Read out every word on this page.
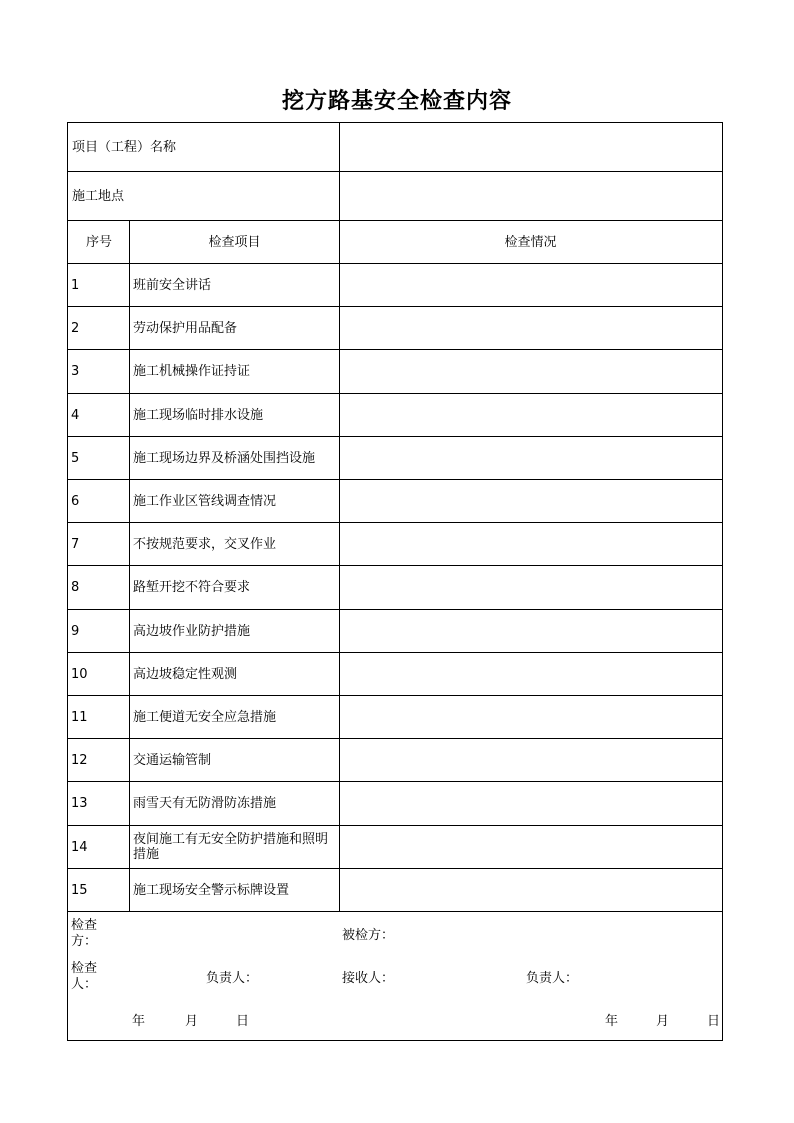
挖方路基安全检查内容
项目（工程）名称
施工地点
序号	检查项目	检查情况
1	班前安全讲话
2	劳动保护用品配备
3	施工机械操作证持证
4	施工现场临时排水设施
5	施工现场边界及桥涵处围挡设施
6	施工作业区管线调查情况
7	不按规范要求，交叉作业
8	路堑开挖不符合要求
9	高边坡作业防护措施
10	高边坡稳定性观测
11	施工便道无安全应急措施
12	交通运输管制
13	雨雪天有无防滑防冻措施
14	夜间施工有无安全防护措施和照明措施
15	施工现场安全警示标牌设置
检查
方：	被检方：
检查
人：	负责人：	接收人：	负责人：
年	月	日	年	月	日
